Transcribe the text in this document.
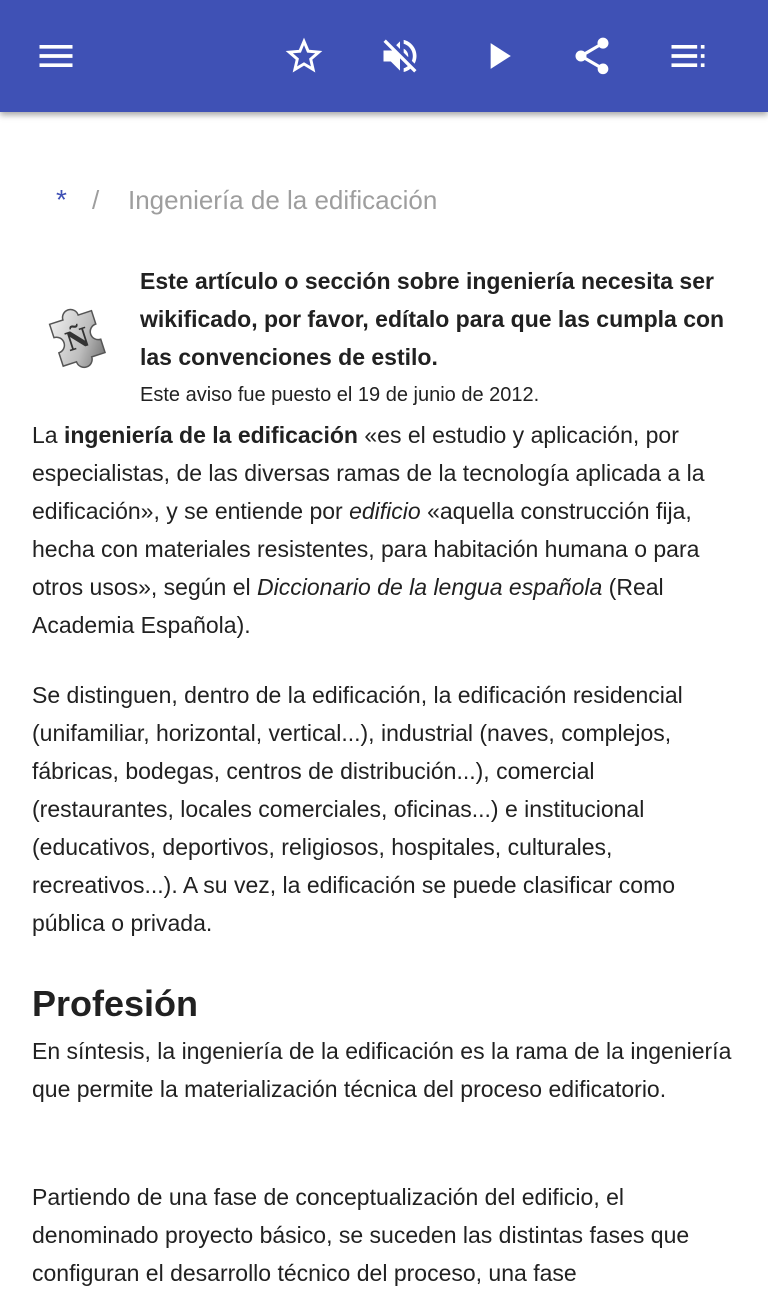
* / Ingeniería de la edificación
Ñ
Este artículo o sección sobre ingeniería necesita ser wikificado, por favor, edítalo para que las cumpla con las convenciones de estilo.
Este aviso fue puesto el 19 de junio de 2012.

La ingeniería de la edificación «es el estudio y aplicación, por especialistas, de las diversas ramas de la tecnología aplicada a la edificación», y se entiende por edificio «aquella construcción fija, hecha con materiales resistentes, para habitación humana o para otros usos», según el Diccionario de la lengua española (Real Academia Española).

Se distinguen, dentro de la edificación, la edificación residencial (unifamiliar, horizontal, vertical...), industrial (naves, complejos, fábricas, bodegas, centros de distribución...), comercial (restaurantes, locales comerciales, oficinas...) e institucional (educativos, deportivos, religiosos, hospitales, culturales, recreativos...). A su vez, la edificación se puede clasificar como pública o privada.

Profesión

En síntesis, la ingeniería de la edificación es la rama de la ingeniería que permite la materialización técnica del proceso edificatorio.

Partiendo de una fase de conceptualización del edificio, el denominado proyecto básico, se suceden las distintas fases que configuran el desarrollo técnico del proceso, una fase
